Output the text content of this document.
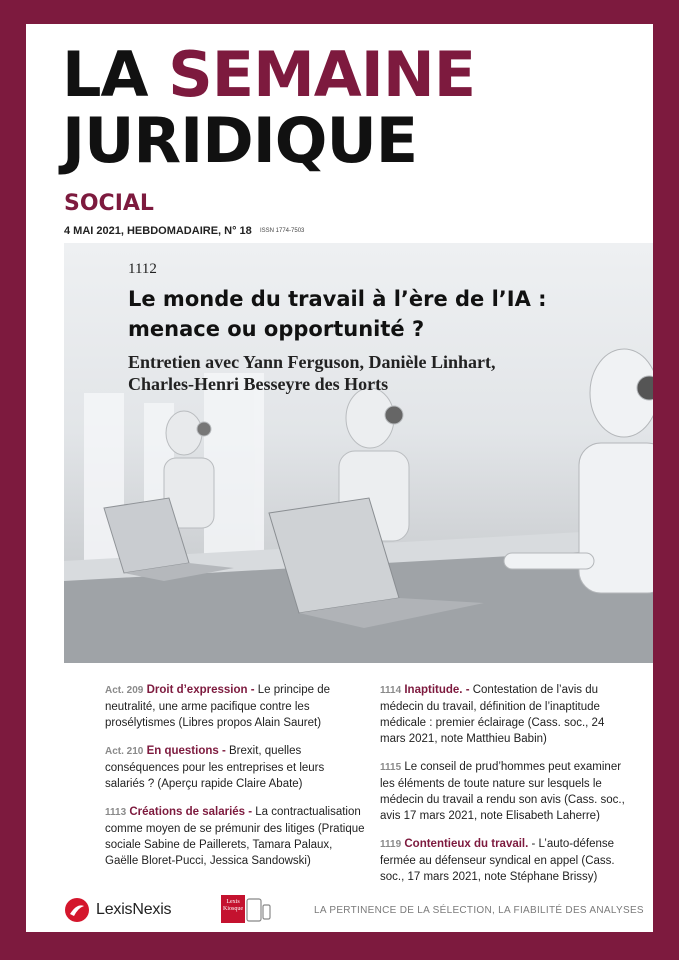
LA SEMAINE
JURIDIQUE
SOCIAL
4 MAI 2021, HEBDOMADAIRE, N° 18 ISSN 1774-7503
1112
Le monde du travail à l’ère de l’IA : menace ou opportunité ?
Entretien avec Yann Ferguson, Danièle Linhart, Charles-Henri Besseyre des Horts
Act. 209 Droit d’expression - Le principe de neutralité, une arme pacifique contre les prosélytismes (Libres propos Alain Sauret)
Act. 210 En questions - Brexit, quelles conséquences pour les entreprises et leurs salariés ? (Aperçu rapide Claire Abate)
1113 Créations de salariés - La contractualisation comme moyen de se prémunir des litiges (Pratique sociale Sabine de Paillerets, Tamara Palaux, Gaëlle Bloret-Pucci, Jessica Sandowski)
1114 Inaptitude. - Contestation de l’avis du médecin du travail, définition de l’inaptitude médicale : premier éclairage (Cass. soc., 24 mars 2021, note Matthieu Babin)
1115 Le conseil de prud’hommes peut examiner les éléments de toute nature sur lesquels le médecin du travail a rendu son avis (Cass. soc., avis 17 mars 2021, note Elisabeth Laherre)
1119 Contentieux du travail. - L’auto-défense fermée au défenseur syndical en appel (Cass. soc., 17 mars 2021, note Stéphane Brissy)
LexisNexis	Lexis
Kiosque	LA PERTINENCE DE LA SÉLECTION, LA FIABILITÉ DES ANALYSES
